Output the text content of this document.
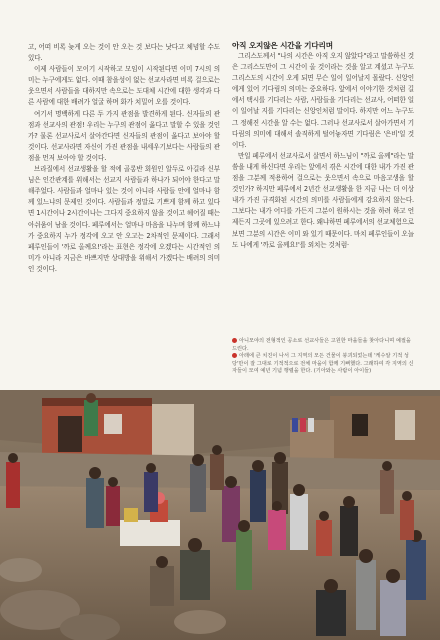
고, 어떠 비록 늦게 오는 것이 안 오는 것 보다는 낫다고 체념할 수도 있다.

이제 사람들이 모이기 시작하고 모임이 시작된다면 이미 7시의 의미는 누구에게도 없다. 이때 참을성이 없는 선교사라면 비록 걸으로는 웃으면서 사람들을 대하지만 속으로는 도대체 시간에 대한 생각과 다른 사람에 대한 배려가 얼굴 하며 화가 치밀어 오를 것이다.

여기서 명백하게 다른 두 가지 관점을 발견하게 된다. 신자들의 관점과 선교사의 관점! 우리는 누구의 관점이 옳다고 말할 수 있을 것인가? 물론 선교사로서 살아간다면 신자들의 관점이 옳다고 보아야 할 것이다. 선교사라면 자신이 가진 관점을 내세우기보다는 사람들의 관점을 먼저 보아야 할 것이다.

브라질에서 선교생활을 할 적에 골롱반 회원인 알두로 아길라 신부님은 인간관계를 위해서는 선교지 사람들과 하나가 되어야 한다고 말해주었다. 사람들과 얼마나 있는 것이 아니라 사람들 안에 얼마나 함께 있느냐의 문제인 것이다. 사람들과 정말로 기쁘게 함께 하고 있다면 1시간이나 2시간이나는 그다지 중요하지 않을 것이고 헤어질 때는 아쉬움이 남을 것이다. 페루에서는 얼마나 마음을 나누며 함께 하느냐가 중요하지 누가 정각에 오고 안 오고는 2차적인 문제이다. 그래서 페루인들이 '까로 올께요!'라는 표현은 정각에 오겠다는 시간적인 의미가 아니라 지금은 바쁘지만 상대방을 위해서 가겠다는 배려의 의미인 것이다.

아직 오지않은 시간을 기다리며

그리스도께서 "나의 시간은 아직 오지 않았다"라고 말씀하신 것은 그리스도만이 그 시간이 올 것이라는 것을 알고 계셨고 누구도 그리스도의 시간이 오게 되면 무슨 일이 일어날지 몰랐다. 신앙인에게 있어 기다림의 의미는 중요하다. 앞에서 이야기한 것처럼 길에서 택시를 기다리는 사람, 사람들을 기다리는 선교사, 어떠한 일이 일어날 지를 기다리는 신앙인처럼 말이다. 하지만 어느 누구도 그 정해진 시간을 알 수는 없다. 그러나 선교사로서 살아가면서 기다림의 의미에 대해서 솔직하게 털어놓자면 기다림은 '은비'일 것이다.

만일 페루에서 선교사로서 살면서 하느님이 "까로 올께"라는 말씀을 내게 하신다면 우리는 앞에서 겪은 시간에 대한 내가 가진 관점을 그분께 적용하여 걸으로는 웃으면서 속으로 마음고생을 할 것인가? 하지만 페루에서 2년간 선교생활을 한 지금 나는 더 이상 내가 가진 규격화된 시간의 의미를 사람들에게 강요하지 않는다. 그보다는 내가 어디를 가든지 그분이 원하시는 것을 하려 하고 언제든지 그곳에 있으려고 한다. 왜냐하면 페루에서의 선교체험으로 보면 그분의 시간은 이미 와 있기 때문이다. 마치 페루인들이 오늘도 나에게 '까로 올께요!'를 외치는 것처럼·

아니모야의 전형적인 공소로 선교사들은 고원한 마을들을 찾아다니며 예절을 드린다.

아래에 큰 치진이 나서 그 지역의 모든 건물이 붕괴되었는데 '케수알 기적 성당'만이 잘 그대로 기적적으로 전체 마을이 함께 기뻐했다. 그래하여 각 지역의 신자들이 모여 예년 기념 행렬을 한다. (기아와는 사람이 아이들)
